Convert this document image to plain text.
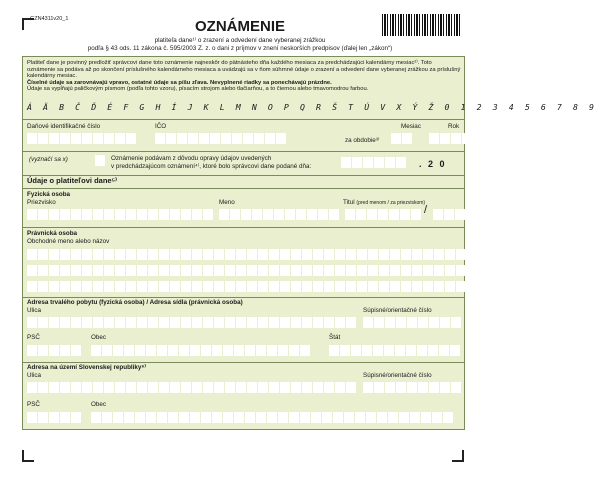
GZN4311v20_1	OZNÁMENIE
platiteľa dane¹⁾ o zrazení a odvedení dane vyberanej zrážkou
podľa § 43 ods. 11 zákona č. 595/2003 Z. z. o dani z príjmov v znení neskorších predpisov (ďalej len „zákon“)
Platiteľ dane je povinný predložiť správcovi dane toto oznámenie najneskôr do pätnásteho dňa každého mesiaca za predchádzajúci kalendárny mesiac²⁾. Toto oznámenie sa podáva až po skončení príslušného kalendárneho mesiaca a uvádzajú sa v ňom súhrnné údaje o zrazení a odvedení dane vyberanej zrážkou za príslušný kalendárny mesiac.
Číselné údaje sa zarovnávajú vpravo, ostatné údaje sa píšu zľava. Nevyplnené riadky sa ponechávajú prázdne.
Údaje sa vypĺňajú paličkovým písmom (podľa tohto vzoru), písacím strojom alebo tlačiarňou, a to čiernou alebo tmavomodrou farbou.
Á Ä B Č Ď É F G H Í J K L M N O P Q R Š T Ú V X Ý Ž 0 1 2 3 4 5 6 7 8 9
Daňové identifikačné číslo	IČO
za obdobie³⁾
Mesiac	Rok
(vyznačí sa x)	Oznámenie podávam z dôvodu opravy údajov uvedených
v predchádzajúcom oznámení⁴⁾, ktoré bolo správcovi dane podané dňa:	. 2 0
Údaje o platiteľovi dane⁵⁾
Fyzická osoba
Priezvisko	Meno	Titul (pred menom / za priezviskom)
/
Právnická osoba
Obchodné meno alebo názov
Adresa trvalého pobytu (fyzická osoba) / Adresa sídla (právnická osoba)
Ulica	Súpisné/orientačné číslo
PSČ	Obec	Štát
Adresa na území Slovenskej republiky⁶⁾
Ulica	Súpisné/orientačné číslo
PSČ	Obec
